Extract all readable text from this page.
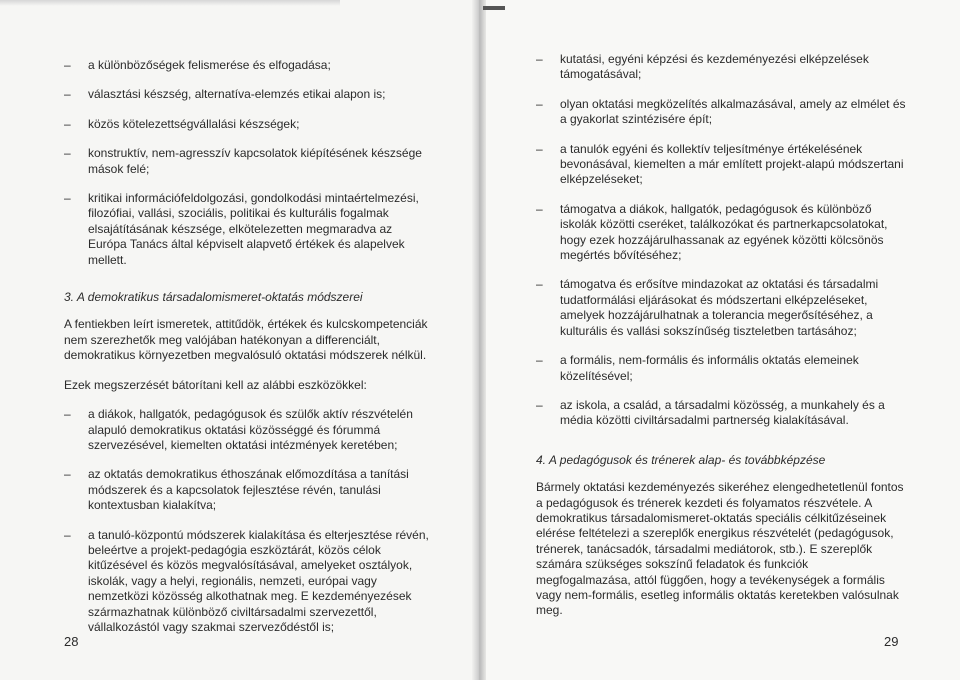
– a különbözőségek felismerése és elfogadása;
– választási készség, alternatíva-elemzés etikai alapon is;
– közös kötelezettségvállalási készségek;
– konstruktív, nem-agresszív kapcsolatok kiépítésének készsége mások felé;
– kritikai információfeldolgozási, gondolkodási mintaértelmezési, filozófiai, vallási, szociális, politikai és kulturális fogalmak elsajátításának készsége, elkötelezetten megmaradva az Európa Tanács által képviselt alapvető értékek és alapelvek mellett.
3. A demokratikus társadalomismeret-oktatás módszerei
A fentiekben leírt ismeretek, attitűdök, értékek és kulcskompetenciák nem szerezhetők meg valójában hatékonyan a differenciált, demokratikus környezetben megvalósuló oktatási módszerek nélkül.
Ezek megszerzését bátorítani kell az alábbi eszközökkel:
– a diákok, hallgatók, pedagógusok és szülők aktív részvételén alapuló demokratikus oktatási közösséggé és fórummá szervezésével, kiemelten oktatási intézmények keretében;
– az oktatás demokratikus éthoszának előmozdítása a tanítási módszerek és a kapcsolatok fejlesztése révén, tanulási kontextusban kialakítva;
– a tanuló-központú módszerek kialakítása és elterjesztése révén, beleértve a projekt-pedagógia eszköztárát, közös célok kitűzésével és közös megvalósításával, amelyeket osztályok, iskolák, vagy a helyi, regionális, nemzeti, európai vagy nemzetközi közösség alkothatnak meg. E kezdeményezések származhatnak különböző civiltársadalmi szervezettől, vállalkozástól vagy szakmai szerveződéstől is;
28
– kutatási, egyéni képzési és kezdeményezési elképzelések támogatásával;
– olyan oktatási megközelítés alkalmazásával, amely az elmélet és a gyakorlat szintézisére épít;
– a tanulók egyéni és kollektív teljesítménye értékelésének bevonásával, kiemelten a már említett projekt-alapú módszertani elképzeléseket;
– támogatva a diákok, hallgatók, pedagógusok és különböző iskolák közötti cseréket, találkozókat és partnerkapcsolatokat, hogy ezek hozzájárulhassanak az egyének közötti kölcsönös megértés bővítéséhez;
– támogatva és erősítve mindazokat az oktatási és társadalmi tudatformálási eljárásokat és módszertani elképzeléseket, amelyek hozzájárulhatnak a tolerancia megerősítéséhez, a kulturális és vallási sokszínűség tiszteletben tartásához;
– a formális, nem-formális és informális oktatás elemeinek közelítésével;
– az iskola, a család, a társadalmi közösség, a munkahely és a média közötti civiltársadalmi partnerség kialakításával.
4. A pedagógusok és trénerek alap- és továbbképzése
Bármely oktatási kezdeményezés sikeréhez elengedhetetlenül fontos a pedagógusok és trénerek kezdeti és folyamatos részvétele. A demokratikus társadalomismeret-oktatás speciális célkitűzéseinek elérése feltételezi a szereplők energikus részvételét (pedagógusok, trénerek, tanácsadók, társadalmi mediátorok, stb.). E szereplők számára szükséges sokszínű feladatok és funkciók megfogalmazása, attól függően, hogy a tevékenységek a formális vagy nem-formális, esetleg informális oktatás keretekben valósulnak meg.
29
